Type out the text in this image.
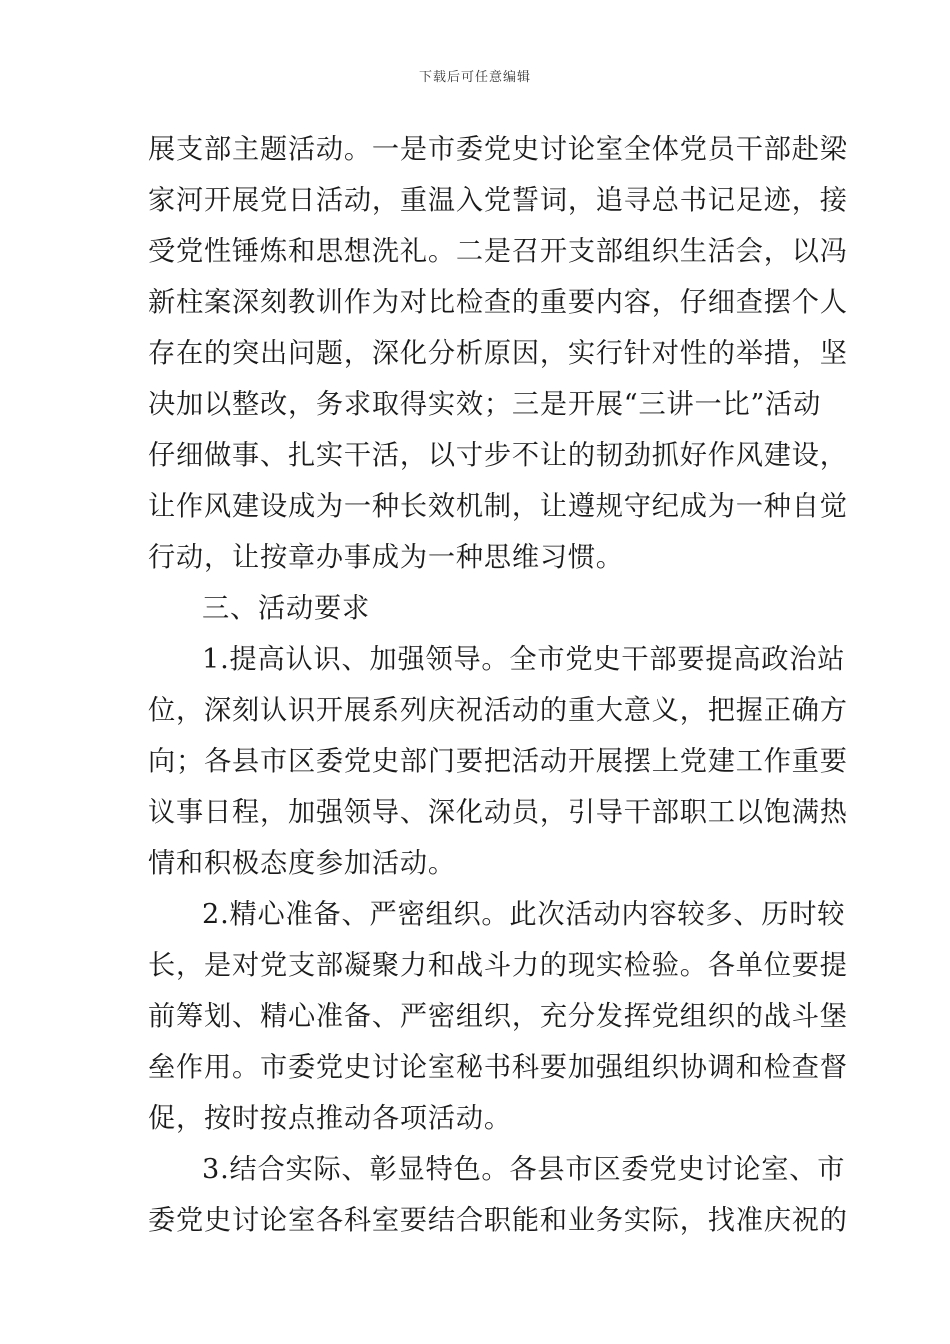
下载后可任意编辑
展支部主题活动。一是市委党史讨论室全体党员干部赴梁
家河开展党日活动，重温入党誓词，追寻总书记足迹，接
受党性锤炼和思想洗礼。二是召开支部组织生活会，以冯
新柱案深刻教训作为对比检查的重要内容，仔细查摆个人
存在的突出问题，深化分析原因，实行针对性的举措，坚
决加以整改，务求取得实效；三是开展“三讲一比”活动
仔细做事、扎实干活，以寸步不让的韧劲抓好作风建设，
让作风建设成为一种长效机制，让遵规守纪成为一种自觉
行动，让按章办事成为一种思维习惯。
三、活动要求
1.提高认识、加强领导。全市党史干部要提高政治站
位，深刻认识开展系列庆祝活动的重大意义，把握正确方
向；各县市区委党史部门要把活动开展摆上党建工作重要
议事日程，加强领导、深化动员，引导干部职工以饱满热
情和积极态度参加活动。
2.精心准备、严密组织。此次活动内容较多、历时较
长，是对党支部凝聚力和战斗力的现实检验。各单位要提
前筹划、精心准备、严密组织，充分发挥党组织的战斗堡
垒作用。市委党史讨论室秘书科要加强组织协调和检查督
促，按时按点推动各项活动。
3.结合实际、彰显特色。各县市区委党史讨论室、市
委党史讨论室各科室要结合职能和业务实际，找准庆祝的
